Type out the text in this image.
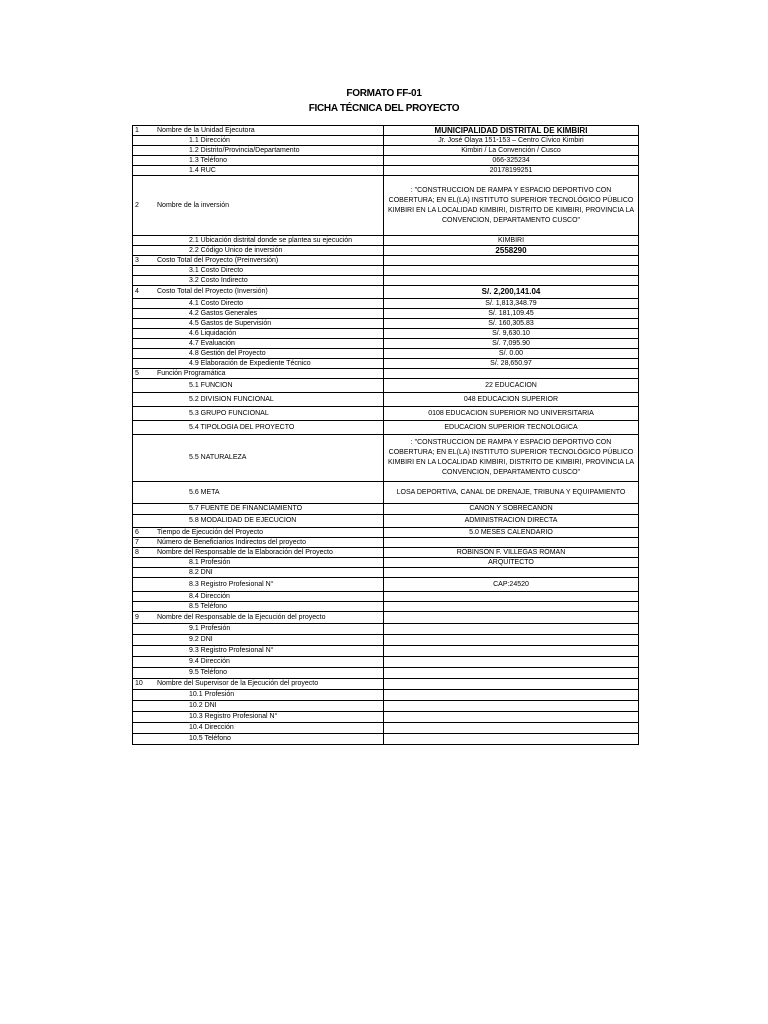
FORMATO FF-01
FICHA TÉCNICA DEL PROYECTO
1	Nombre de la Unidad Ejecutora	MUNICIPALIDAD DISTRITAL DE KIMBIRI
	1.1 Dirección	Jr. José Olaya 151-153 – Centro Cívico Kimbiri
	1.2 Distrito/Provincia/Departamento	Kimbiri / La Convención / Cusco
	1.3 Teléfono	066-325234
	1.4 RUC	20178199251
2	Nombre de la inversión	: "CONSTRUCCION DE RAMPA Y ESPACIO DEPORTIVO CON COBERTURA; EN EL(LA) INSTITUTO SUPERIOR TECNOLÓGICO PÚBLICO KIMBIRI EN LA LOCALIDAD KIMBIRI, DISTRITO DE KIMBIRI, PROVINCIA LA CONVENCION, DEPARTAMENTO CUSCO"
	2.1 Ubicación distrital donde se plantea su ejecución	KIMBIRI
	2.2 Código Único de inversión	2558290
3	Costo Total del Proyecto (Preinversión)	
	3.1 Costo Directo	
	3.2 Costo Indirecto	
4	Costo Total del Proyecto (Inversión)	S/. 2,200,141.04
	4.1 Costo Directo	S/. 1,813,348.79
	4.2 Gastos Generales	S/. 181,109.45
	4.5 Gastos de Supervisión	S/. 160,305.83
	4.6 Liquidación	S/. 9,630.10
	4.7 Evaluación	S/. 7,095.90
	4.8 Gestión del Proyecto	S/. 0.00
	4.9 Elaboración de Expediente Técnico	S/. 28,650.97
5	Función Programática	
	5.1 FUNCION	22 EDUCACION
	5.2 DIVISION FUNCIONAL	048 EDUCACION SUPERIOR
	5.3 GRUPO FUNCIONAL	0108 EDUCACION SUPERIOR NO UNIVERSITARIA
	5.4 TIPOLOGIA DEL PROYECTO	EDUCACION SUPERIOR TECNOLOGICA
	5.5 NATURALEZA	: "CONSTRUCCION DE RAMPA Y ESPACIO DEPORTIVO CON COBERTURA; EN EL(LA) INSTITUTO SUPERIOR TECNOLÓGICO PÚBLICO KIMBIRI EN LA LOCALIDAD KIMBIRI, DISTRITO DE KIMBIRI, PROVINCIA LA CONVENCION, DEPARTAMENTO CUSCO"
	5.6 META	LOSA DEPORTIVA, CANAL DE DRENAJE, TRIBUNA Y EQUIPAMIENTO
	5.7 FUENTE DE FINANCIAMIENTO	CANON Y SOBRECANON
	5.8 MODALIDAD DE EJECUCION	ADMINISTRACION DIRECTA
6	Tiempo de Ejecución del Proyecto	5.0 MESES CALENDARIO
7	Número de Beneficiarios Indirectos del proyecto	
8	Nombre del Responsable de la Elaboración del Proyecto	ROBINSON F. VILLEGAS ROMAN
	8.1 Profesión	ARQUITECTO
	8.2 DNI	
	8.3 Registro Profesional N°	CAP:24520
	8.4 Dirección	
	8.5 Teléfono	
9	Nombre del Responsable de la Ejecución del proyecto	
	9.1 Profesión	
	9.2 DNI	
	9.3 Registro Profesional N°	
	9.4 Dirección	
	9.5 Teléfono	
10	Nombre del Supervisor de la Ejecución del proyecto	
	10.1 Profesión	
	10.2 DNI	
	10.3 Registro Profesional N°	
	10.4 Dirección	
	10.5 Teléfono	
